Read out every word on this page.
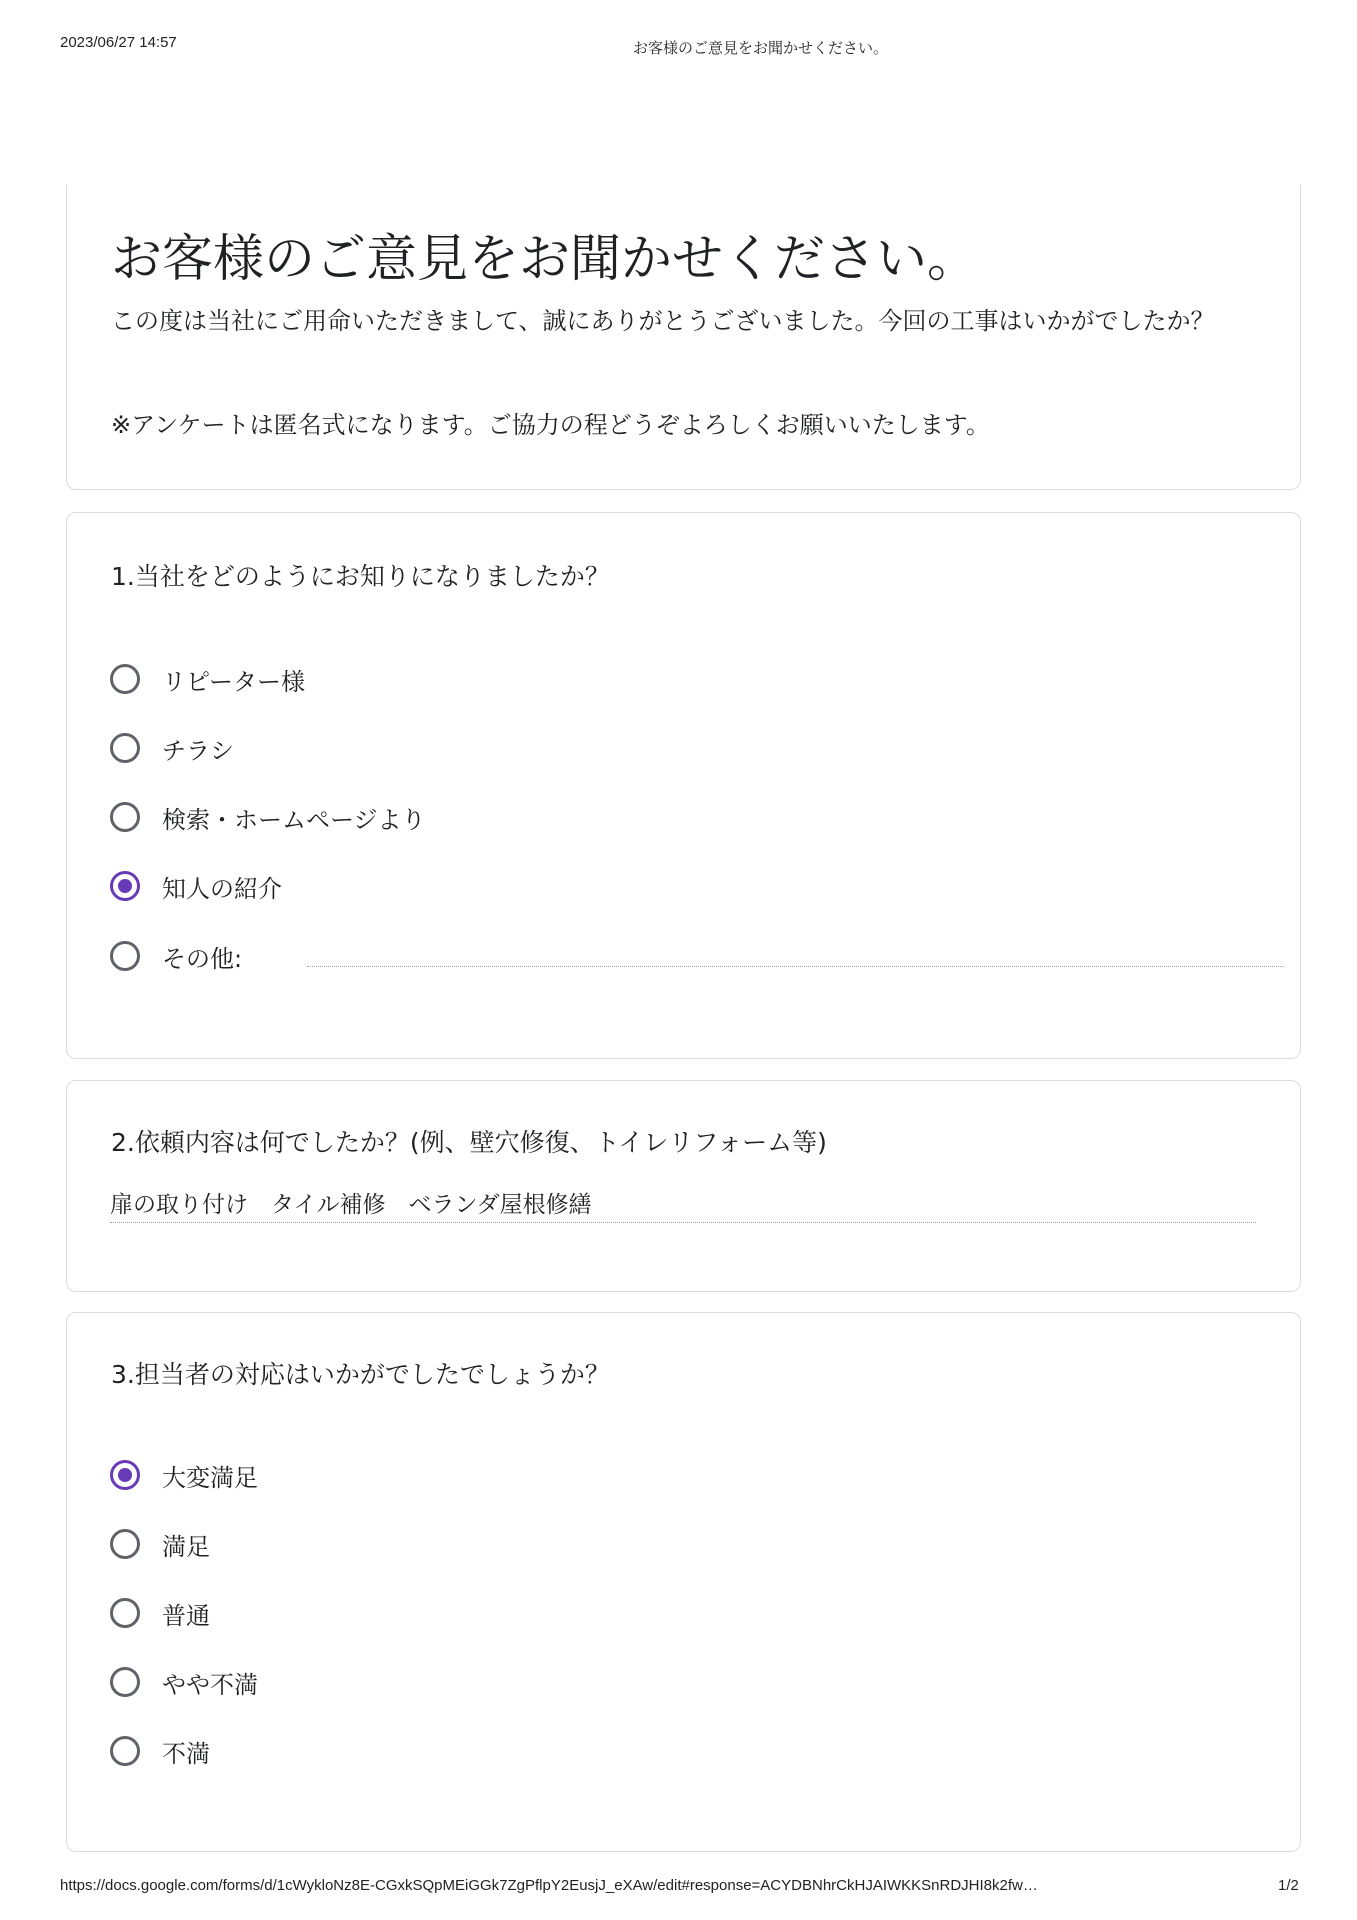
2023/06/27 14:57	お客様のご意見をお聞かせください。
お客様のご意見をお聞かせください。

この度は当社にご用命いただきまして、誠にありがとうございました。今回の工事はいかがでしたか？

※アンケートは匿名式になります。ご協力の程どうぞよろしくお願いいたします。

1.当社をどのようにお知りになりましたか？
リピーター様
チラシ
検索・ホームページより
知人の紹介
その他:
2.依頼内容は何でしたか？(例、壁穴修復、トイレリフォーム等)
扉の取り付け　タイル補修　ベランダ屋根修繕
3.担当者の対応はいかがでしたでしょうか？
大変満足
満足
普通
やや不満
不満
https://docs.google.com/forms/d/1cWykloNz8E-CGxkSQpMEiGGk7ZgPflpY2EusjJ_eXAw/edit#response=ACYDBNhrCkHJAIWKKSnRDJHI8k2fw…	1/2
